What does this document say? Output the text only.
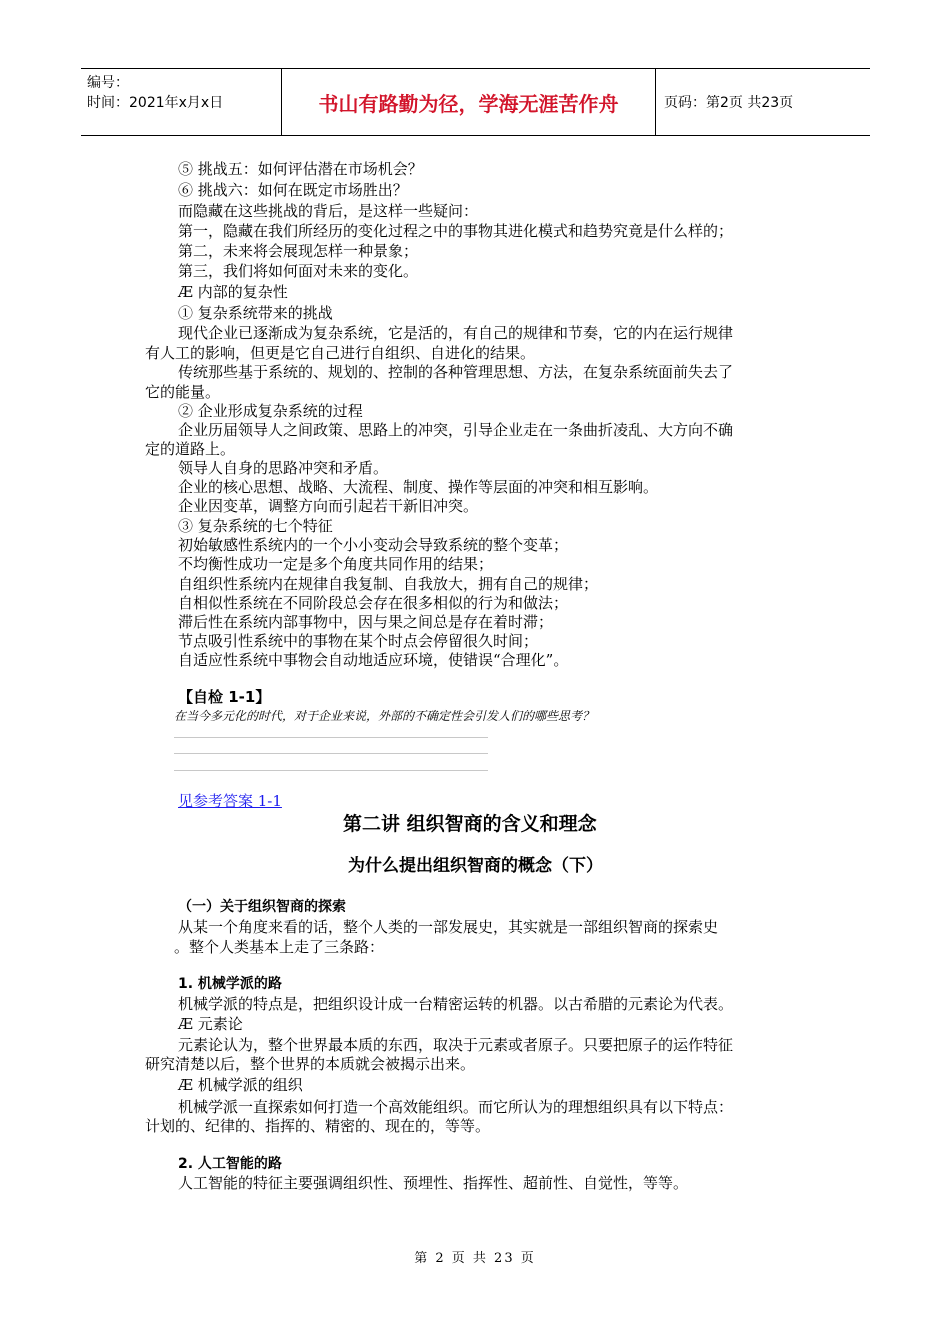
编号：
时间：2021年x月x日	书山有路勤为径，学海无涯苦作舟	页码：第2页 共23页
⑤ 挑战五：如何评估潜在市场机会？
⑥ 挑战六：如何在既定市场胜出？
而隐藏在这些挑战的背后，是这样一些疑问：
第一，隐藏在我们所经历的变化过程之中的事物其进化模式和趋势究竟是什么样的；
第二，未来将会展现怎样一种景象；
第三，我们将如何面对未来的变化。
Æ 内部的复杂性
① 复杂系统带来的挑战
现代企业已逐渐成为复杂系统，它是活的，有自己的规律和节奏，它的内在运行规律
有人工的影响，但更是它自己进行自组织、自进化的结果。
传统那些基于系统的、规划的、控制的各种管理思想、方法，在复杂系统面前失去了
它的能量。
② 企业形成复杂系统的过程
企业历届领导人之间政策、思路上的冲突，引导企业走在一条曲折凌乱、大方向不确
定的道路上。
领导人自身的思路冲突和矛盾。
企业的核心思想、战略、大流程、制度、操作等层面的冲突和相互影响。
企业因变革，调整方向而引起若干新旧冲突。
③ 复杂系统的七个特征
初始敏感性系统内的一个小小变动会导致系统的整个变革；
不均衡性成功一定是多个角度共同作用的结果；
自组织性系统内在规律自我复制、自我放大，拥有自己的规律；
自相似性系统在不同阶段总会存在很多相似的行为和做法；
滞后性在系统内部事物中，因与果之间总是存在着时滞；
节点吸引性系统中的事物在某个时点会停留很久时间；
自适应性系统中事物会自动地适应环境，使错误“合理化”。
【自检 1-1】
在当今多元化的时代，对于企业来说，外部的不确定性会引发人们的哪些思考？
见参考答案 1-1
第二讲 组织智商的含义和理念
为什么提出组织智商的概念（下）
（一）关于组织智商的探索
从某一个角度来看的话，整个人类的一部发展史，其实就是一部组织智商的探索史
。整个人类基本上走了三条路：
1. 机械学派的路
机械学派的特点是，把组织设计成一台精密运转的机器。以古希腊的元素论为代表。
Æ 元素论
元素论认为，整个世界最本质的东西，取决于元素或者原子。只要把原子的运作特征
研究清楚以后，整个世界的本质就会被揭示出来。
Æ 机械学派的组织
机械学派一直探索如何打造一个高效能组织。而它所认为的理想组织具有以下特点：
计划的、纪律的、指挥的、精密的、现在的，等等。
2. 人工智能的路
人工智能的特征主要强调组织性、预埋性、指挥性、超前性、自觉性，等等。
第 2 页 共 23 页
